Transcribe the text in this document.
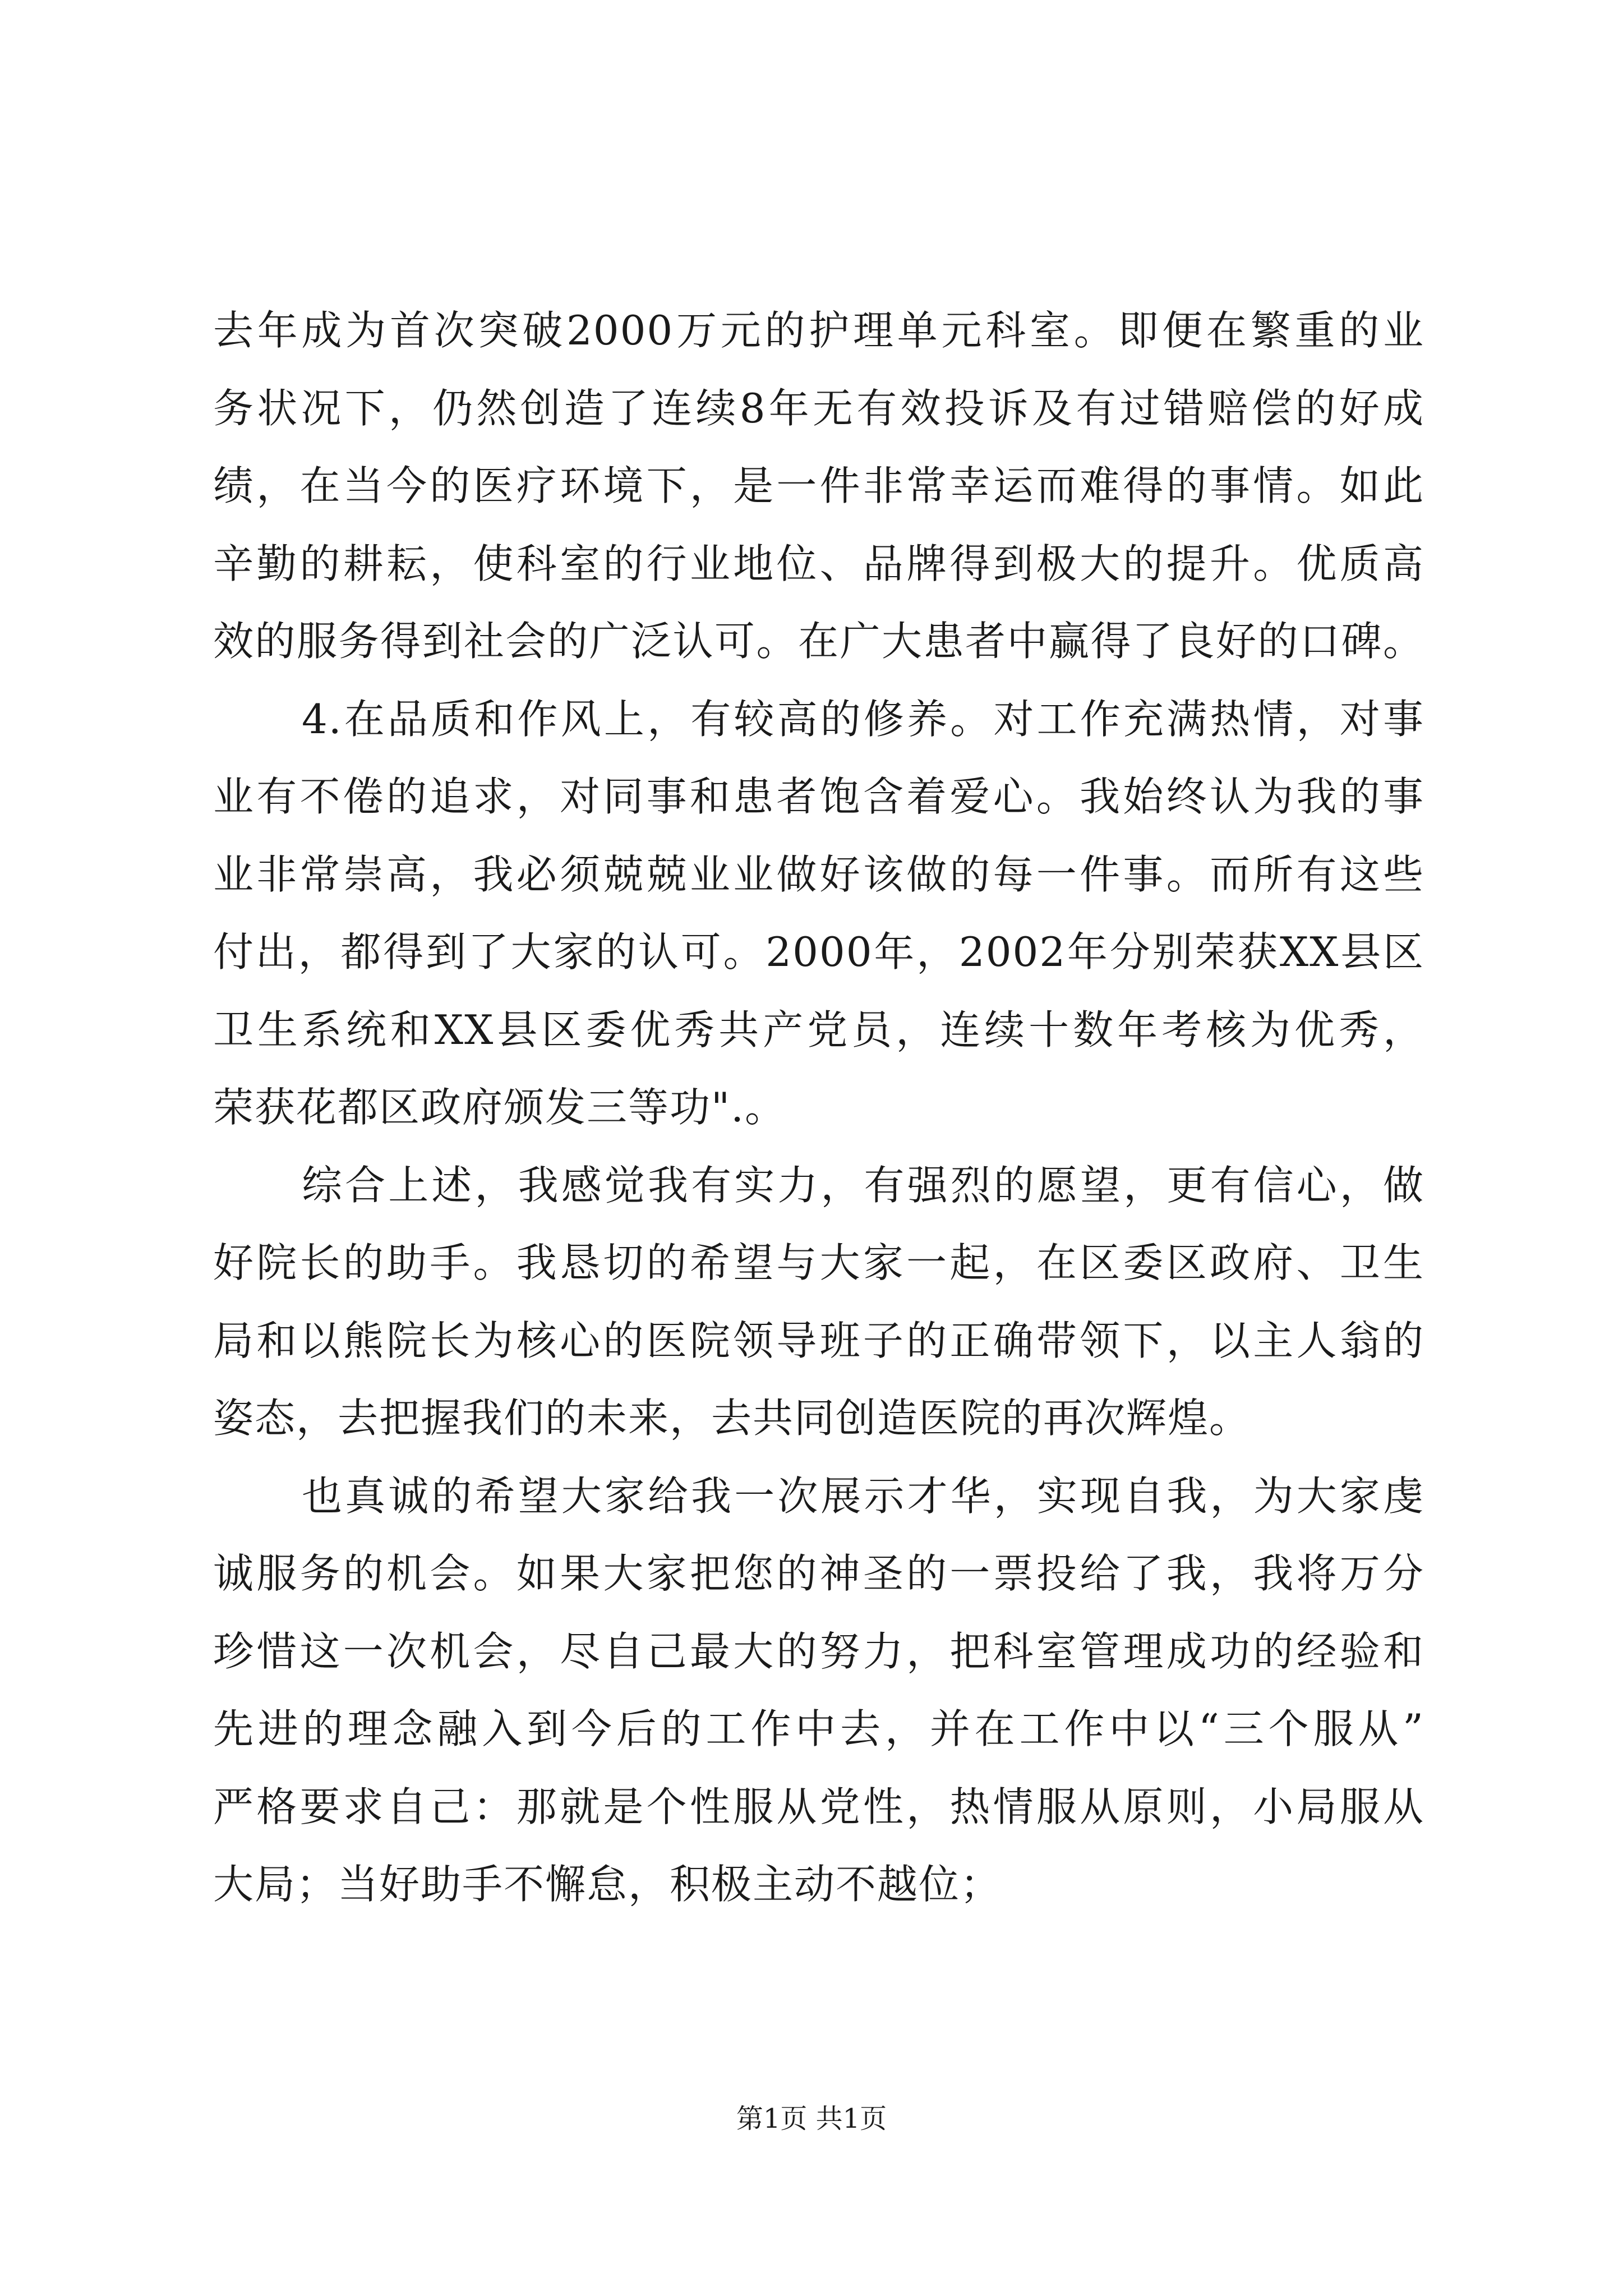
去年成为首次突破2000万元的护理单元科室。即便在繁重的业
务状况下，仍然创造了连续8年无有效投诉及有过错赔偿的好成
绩，在当今的医疗环境下，是一件非常幸运而难得的事情。如此
辛勤的耕耘，使科室的行业地位、品牌得到极大的提升。优质高
效的服务得到社会的广泛认可。在广大患者中赢得了良好的口碑。
4.在品质和作风上，有较高的修养。对工作充满热情，对事
业有不倦的追求，对同事和患者饱含着爱心。我始终认为我的事
业非常崇高，我必须兢兢业业做好该做的每一件事。而所有这些
付出，都得到了大家的认可。2000年，2002年分别荣获XX县区
卫生系统和XX县区委优秀共产党员，连续十数年考核为优秀，
荣获花都区政府颁发三等功".。
综合上述，我感觉我有实力，有强烈的愿望，更有信心，做
好院长的助手。我恳切的希望与大家一起，在区委区政府、卫生
局和以熊院长为核心的医院领导班子的正确带领下，以主人翁的
姿态，去把握我们的未来，去共同创造医院的再次辉煌。
也真诚的希望大家给我一次展示才华，实现自我，为大家虔
诚服务的机会。如果大家把您的神圣的一票投给了我，我将万分
珍惜这一次机会，尽自己最大的努力，把科室管理成功的经验和
先进的理念融入到今后的工作中去，并在工作中以“三个服从”
严格要求自己：那就是个性服从党性，热情服从原则，小局服从
大局；当好助手不懈怠，积极主动不越位；
第1页 共1页
